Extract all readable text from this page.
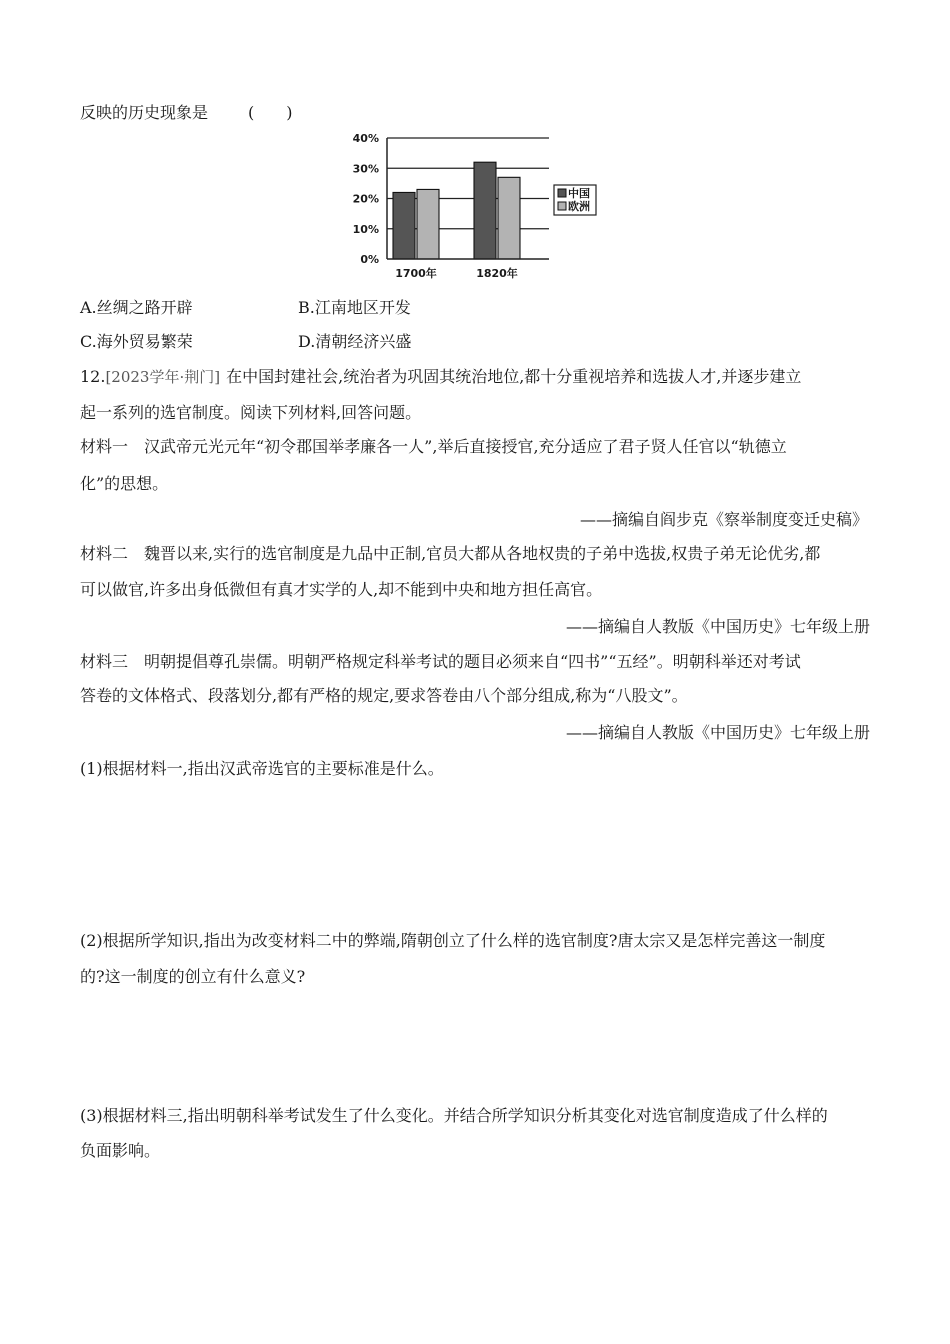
反映的历史现象是 (　　)
0%
10%
20%
30%
40%
1700年	1820年
中国
欧洲
A.丝绸之路开辟	B.江南地区开发
C.海外贸易繁荣	D.清朝经济兴盛
12.[2023学年·荆门] 在中国封建社会,统治者为巩固其统治地位,都十分重视培养和选拔人才,并逐步建立
起一系列的选官制度。阅读下列材料,回答问题。
材料一　汉武帝元光元年“初令郡国举孝廉各一人”,举后直接授官,充分适应了君子贤人任官以“轨德立
化”的思想。
——摘编自阎步克《察举制度变迁史稿》
材料二　魏晋以来,实行的选官制度是九品中正制,官员大都从各地权贵的子弟中选拔,权贵子弟无论优劣,都
可以做官,许多出身低微但有真才实学的人,却不能到中央和地方担任高官。
——摘编自人教版《中国历史》七年级上册
材料三　明朝提倡尊孔崇儒。明朝严格规定科举考试的题目必须来自“四书”“五经”。明朝科举还对考试
答卷的文体格式、段落划分,都有严格的规定,要求答卷由八个部分组成,称为“八股文”。
——摘编自人教版《中国历史》七年级上册
(1)根据材料一,指出汉武帝选官的主要标准是什么。
(2)根据所学知识,指出为改变材料二中的弊端,隋朝创立了什么样的选官制度?唐太宗又是怎样完善这一制度
的?这一制度的创立有什么意义?
(3)根据材料三,指出明朝科举考试发生了什么变化。并结合所学知识分析其变化对选官制度造成了什么样的
负面影响。
